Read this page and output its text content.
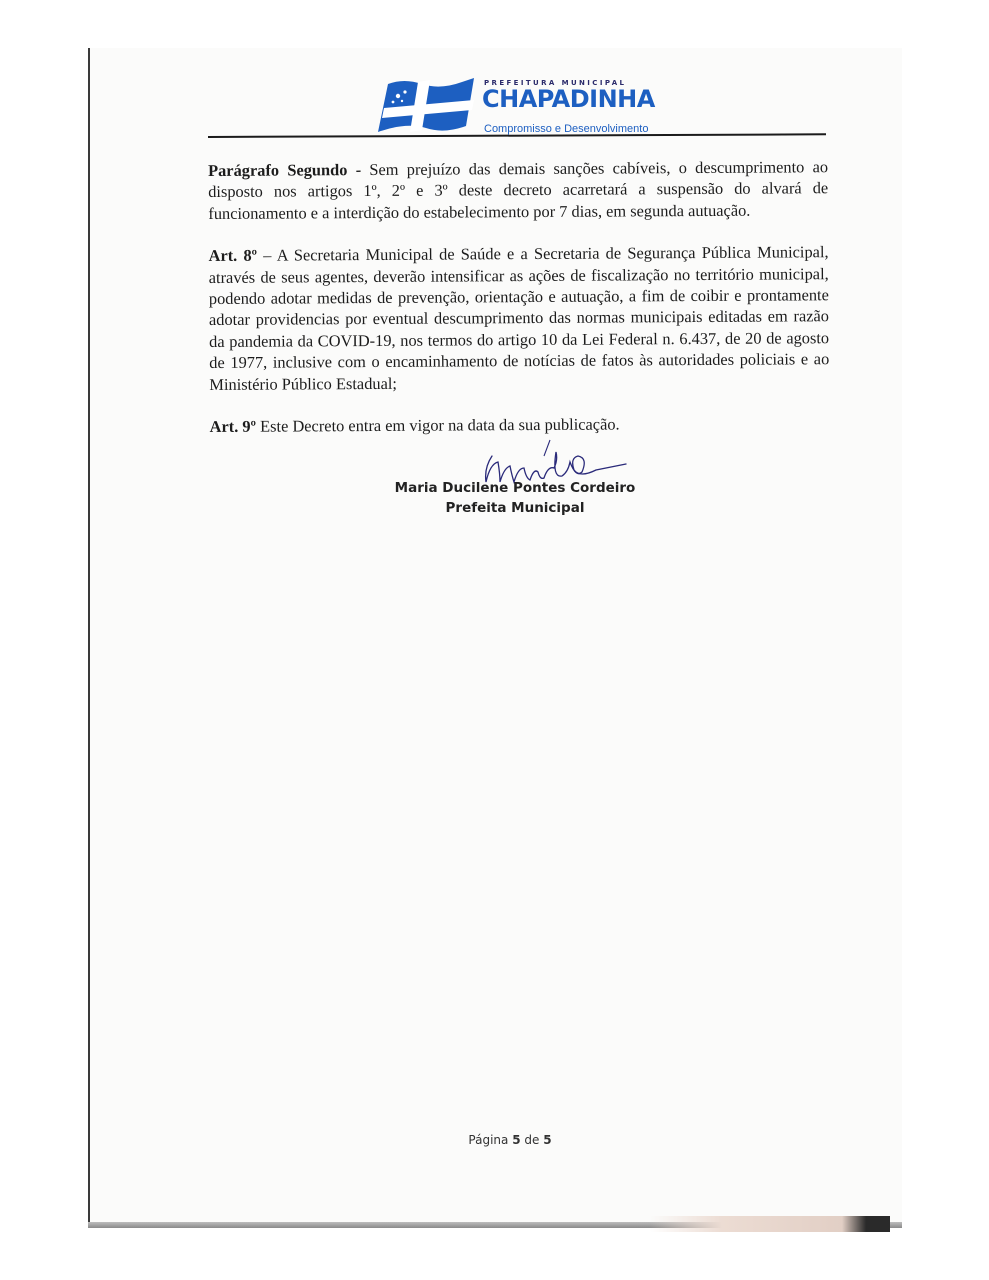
PREFEITURA MUNICIPAL
CHAPADINHA
Compromisso e Desenvolvimento

Parágrafo Segundo - Sem prejuízo das demais sanções cabíveis, o descumprimento ao disposto nos artigos 1º, 2º e 3º deste decreto acarretará a suspensão do alvará de funcionamento e a interdição do estabelecimento por 7 dias, em segunda autuação.

Art. 8º – A Secretaria Municipal de Saúde e a Secretaria de Segurança Pública Municipal, através de seus agentes, deverão intensificar as ações de fiscalização no território municipal, podendo adotar medidas de prevenção, orientação e autuação, a fim de coibir e prontamente adotar providencias por eventual descumprimento das normas municipais editadas em razão da pandemia da COVID-19, nos termos do artigo 10 da Lei Federal n. 6.437, de 20 de agosto de 1977, inclusive com o encaminhamento de notícias de fatos às autoridades policiais e ao Ministério Público Estadual;

Art. 9º Este Decreto entra em vigor na data da sua publicação.

Maria Ducilene Pontes Cordeiro
Prefeita Municipal
Página 5 de 5
